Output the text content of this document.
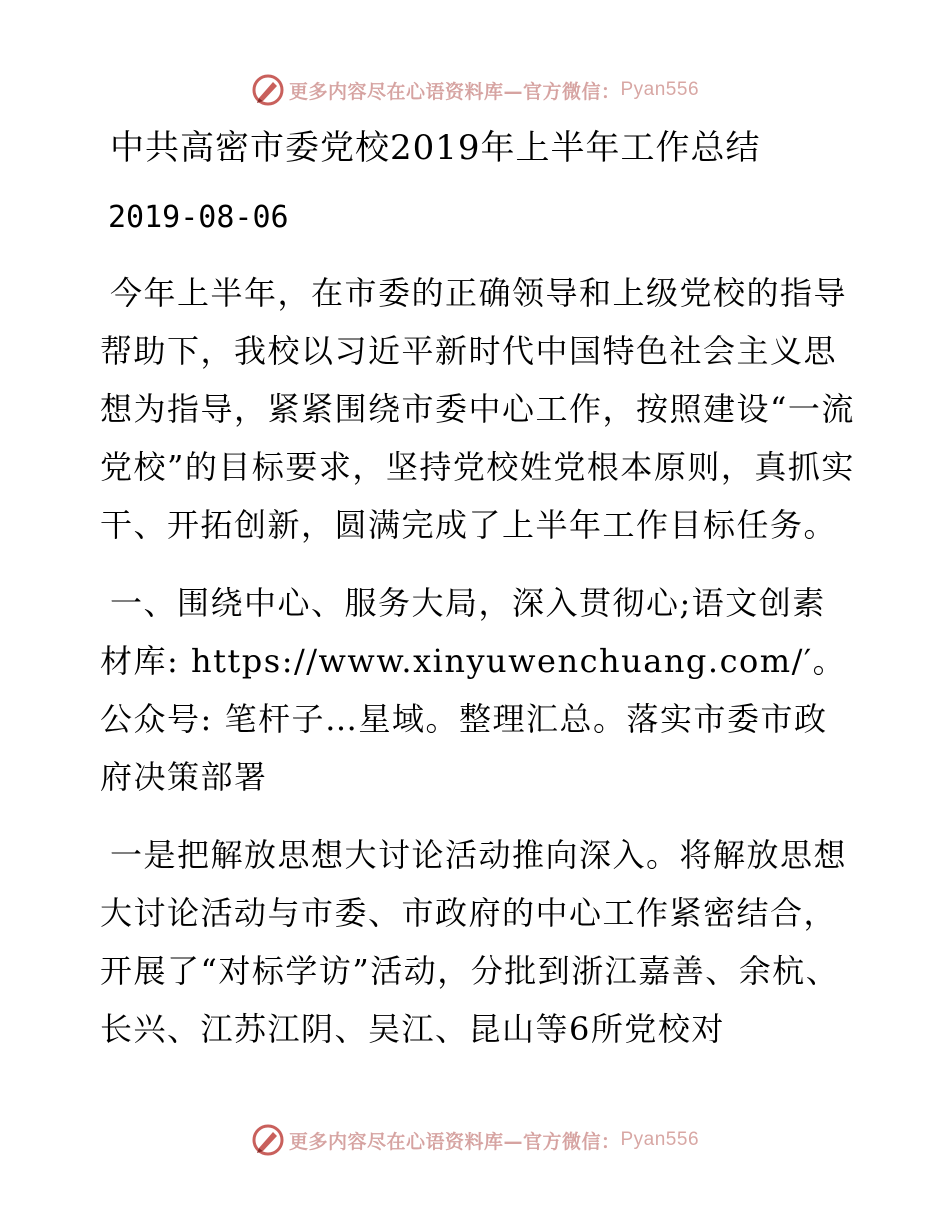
更多内容尽在心语资料库—官方微信： Pyan556
中共高密市委党校2019年上半年工作总结

2019-08-06

今年上半年，在市委的正确领导和上级党校的指导帮助下，我校以习近平新时代中国特色社会主义思想为指导，紧紧围绕市委中心工作，按照建设“一流党校”的目标要求，坚持党校姓党根本原则，真抓实干、开拓创新，圆满完成了上半年工作目标任务。

一、围绕中心、服务大局，深入贯彻心;语文创素材库: https://www.xinyuwenchuang.com/′。公众号: 笔杆子…星域。整理汇总。落实市委市政府决策部署

一是把解放思想大讨论活动推向深入。将解放思想大讨论活动与市委、市政府的中心工作紧密结合，开展了“对标学访”活动，分批到浙江嘉善、余杭、长兴、江苏江阴、吴江、昆山等6所党校对

更多内容尽在心语资料库—官方微信： Pyan556
